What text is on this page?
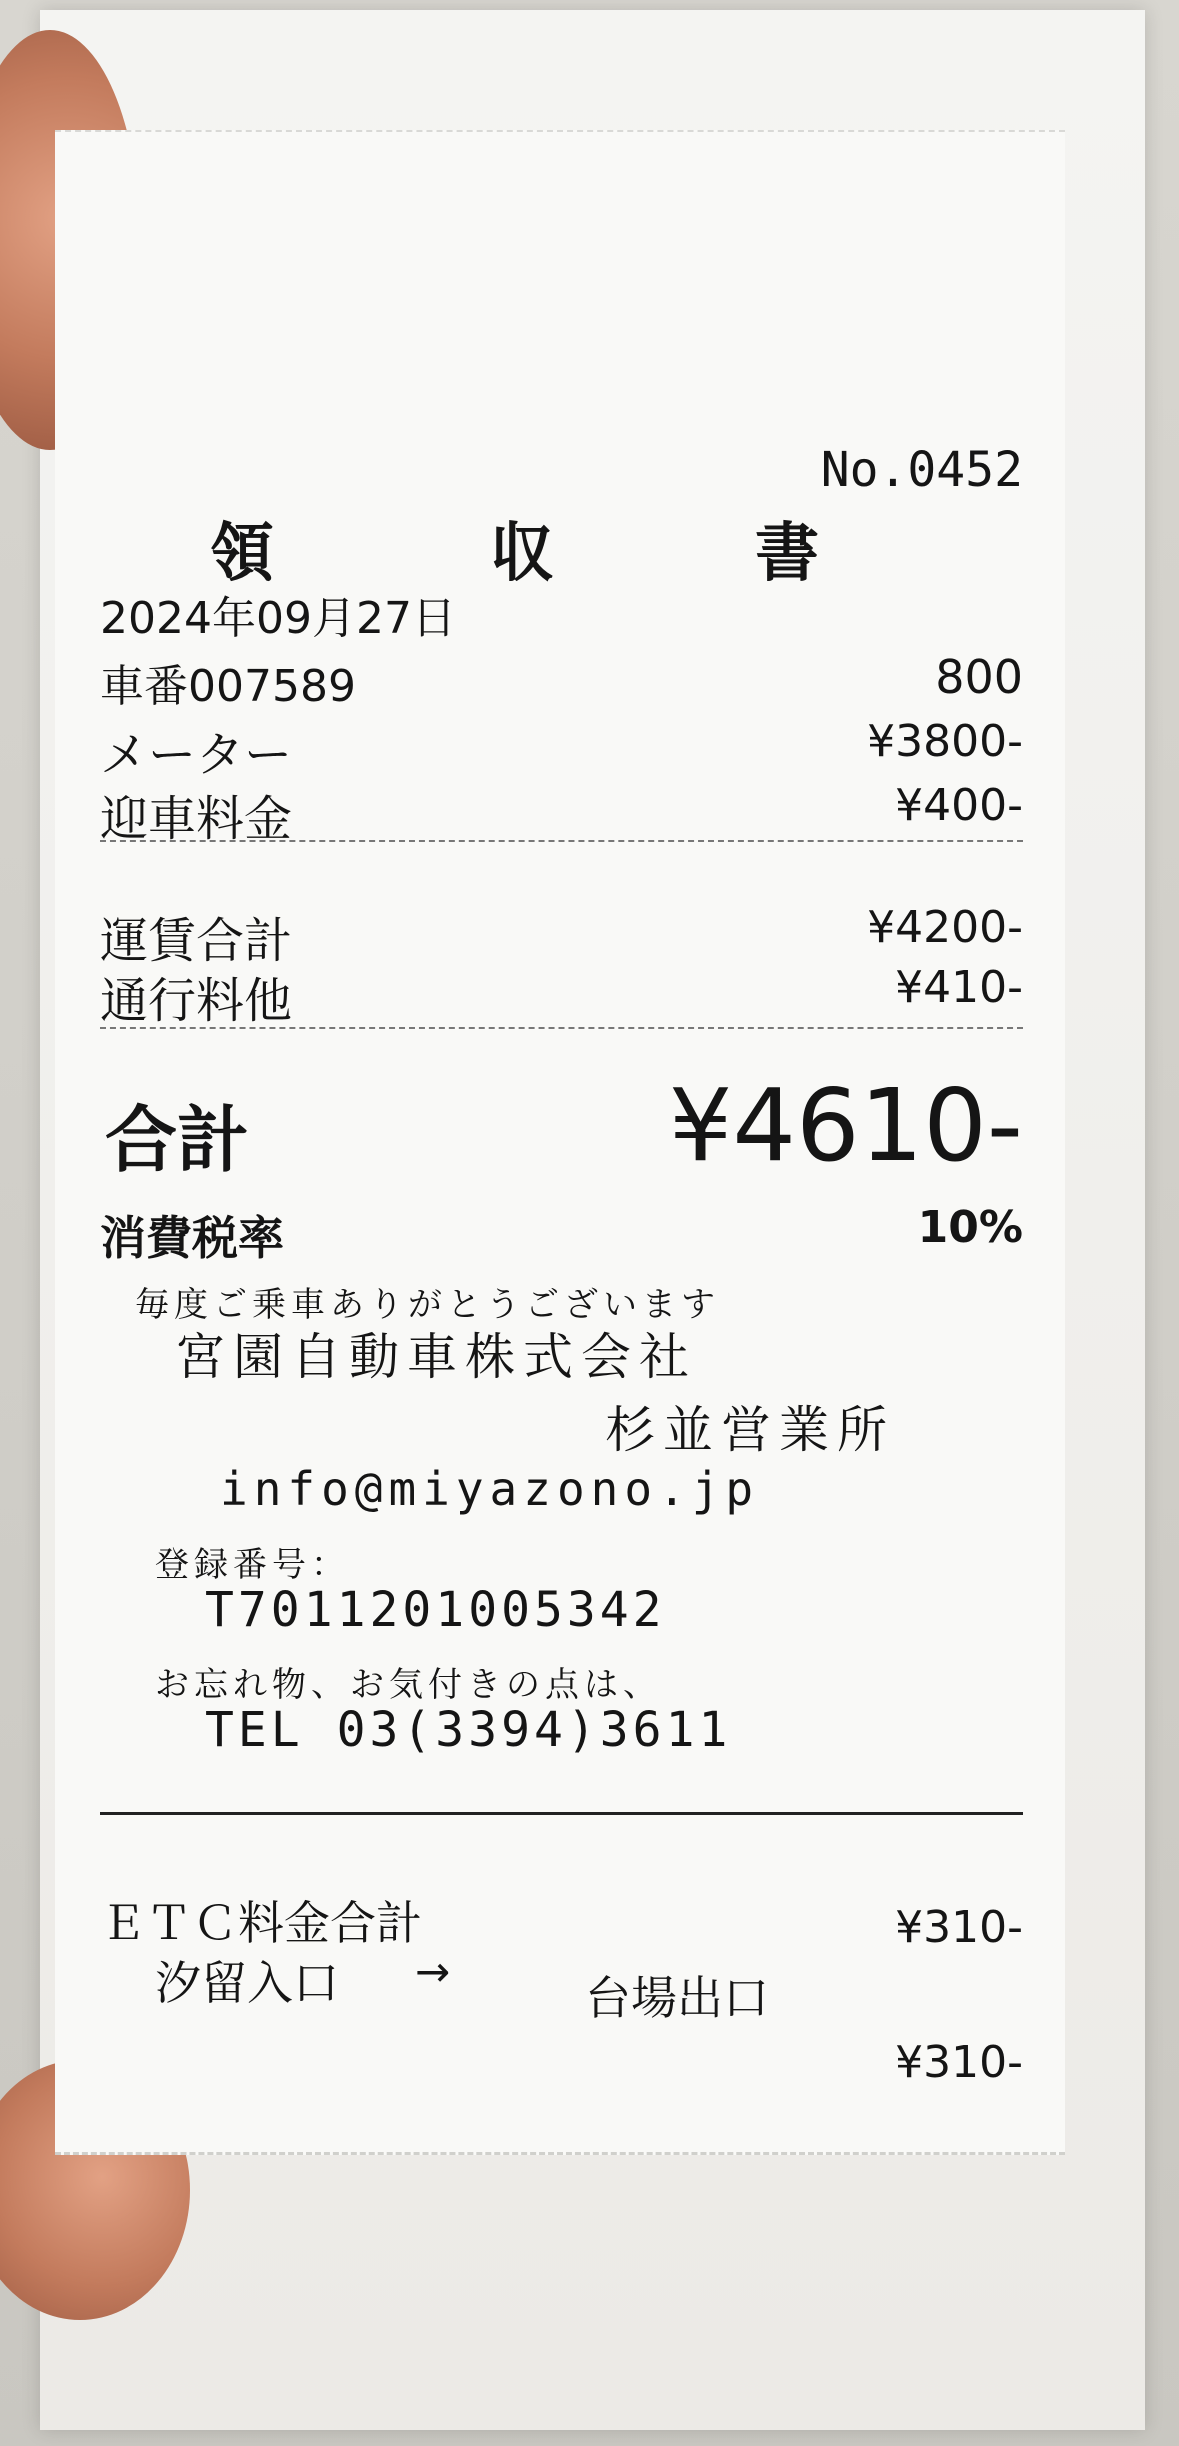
No.0452
領	収	書
2024年09月27日
車番007589	800
メーター	¥3800-
迎車料金	¥400-
運賃合計	¥4200-
通行料他	¥410-
合計	¥4610-
消費税率	10%
毎度ご乗車ありがとうございます
宮園自動車株式会社
杉並営業所
info@miyazono.jp
登録番号：
T7011201005342
お忘れ物、お気付きの点は、
TEL 03(3394)3611
ＥＴＣ料金合計	¥310-
汐留入口 →	台場出口
¥310-
